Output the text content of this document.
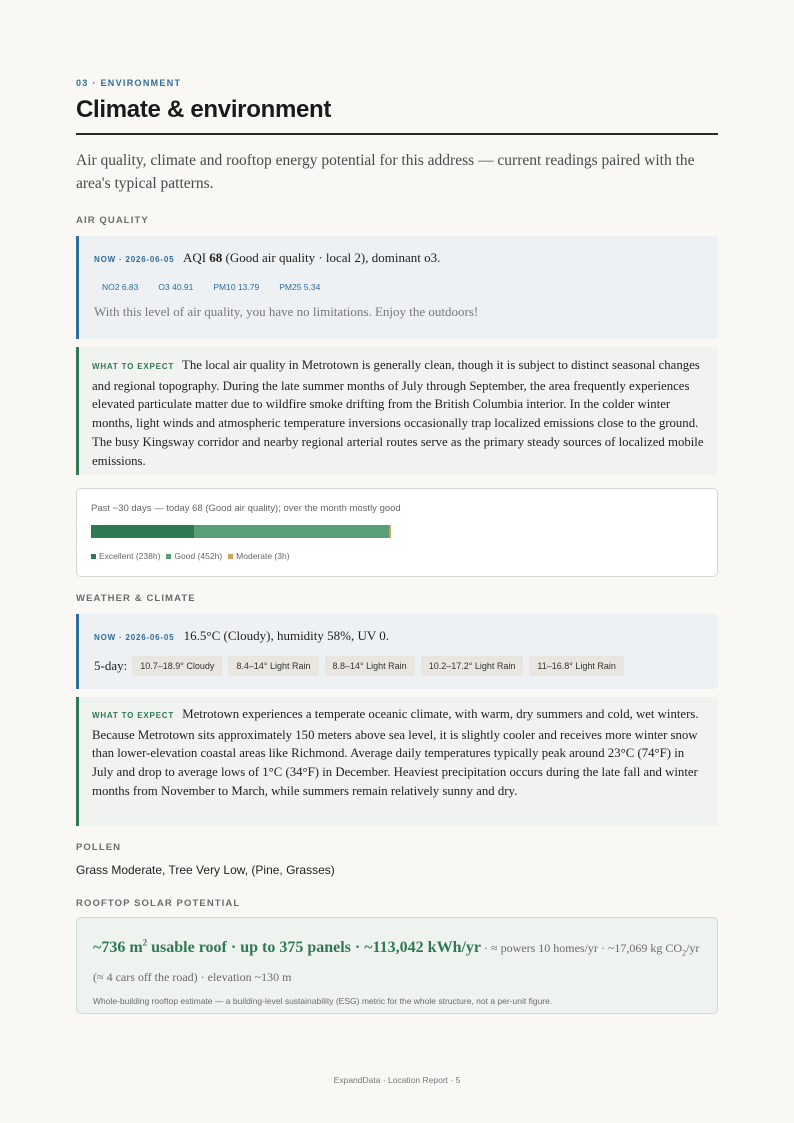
03 · ENVIRONMENT
Climate & environment

Air quality, climate and rooftop energy potential for this address — current readings paired with the area's typical patterns.

AIR QUALITY
NOW · 2026-06-05 AQI 68 (Good air quality · local 2), dominant o3.
NO2 6.83 O3 40.91 PM10 13.79 PM25 5.34
With this level of air quality, you have no limitations. Enjoy the outdoors!
WHAT TO EXPECT The local air quality in Metrotown is generally clean, though it is subject to distinct seasonal changes and regional topography. During the late summer months of July through September, the area frequently experiences elevated particulate matter due to wildfire smoke drifting from the British Columbia interior. In the colder winter months, light winds and atmospheric temperature inversions occasionally trap localized emissions close to the ground. The busy Kingsway corridor and nearby regional arterial routes serve as the primary steady sources of localized mobile emissions.
Past ~30 days — today 68 (Good air quality); over the month mostly good
Excellent (238h) Good (452h) Moderate (3h)
WEATHER & CLIMATE
NOW · 2026-06-05 16.5°C (Cloudy), humidity 58%, UV 0.
5-day:	10.7–18.9° Cloudy	8.4–14° Light Rain	8.8–14° Light Rain	10.2–17.2° Light Rain	11–16.8° Light Rain
WHAT TO EXPECT Metrotown experiences a temperate oceanic climate, with warm, dry summers and cold, wet winters. Because Metrotown sits approximately 150 meters above sea level, it is slightly cooler and receives more winter snow than lower-elevation coastal areas like Richmond. Average daily temperatures typically peak around 23°C (74°F) in July and drop to average lows of 1°C (34°F) in December. Heaviest precipitation occurs during the late fall and winter months from November to March, while summers remain relatively sunny and dry.
POLLEN
Grass Moderate, Tree Very Low, (Pine, Grasses)
ROOFTOP SOLAR POTENTIAL
~736 $m^2$ usable roof · up to 375 panels · ~113,042 kWh/yr · ≈ powers 10 homes/yr · ~17,069 kg $CO_2/yr$ (≈ 4 cars off the road) · elevation ~130 m
Whole-building rooftop estimate — a building-level sustainability (ESG) metric for the whole structure, not a per-unit figure.
ExpandData · Location Report · 5
